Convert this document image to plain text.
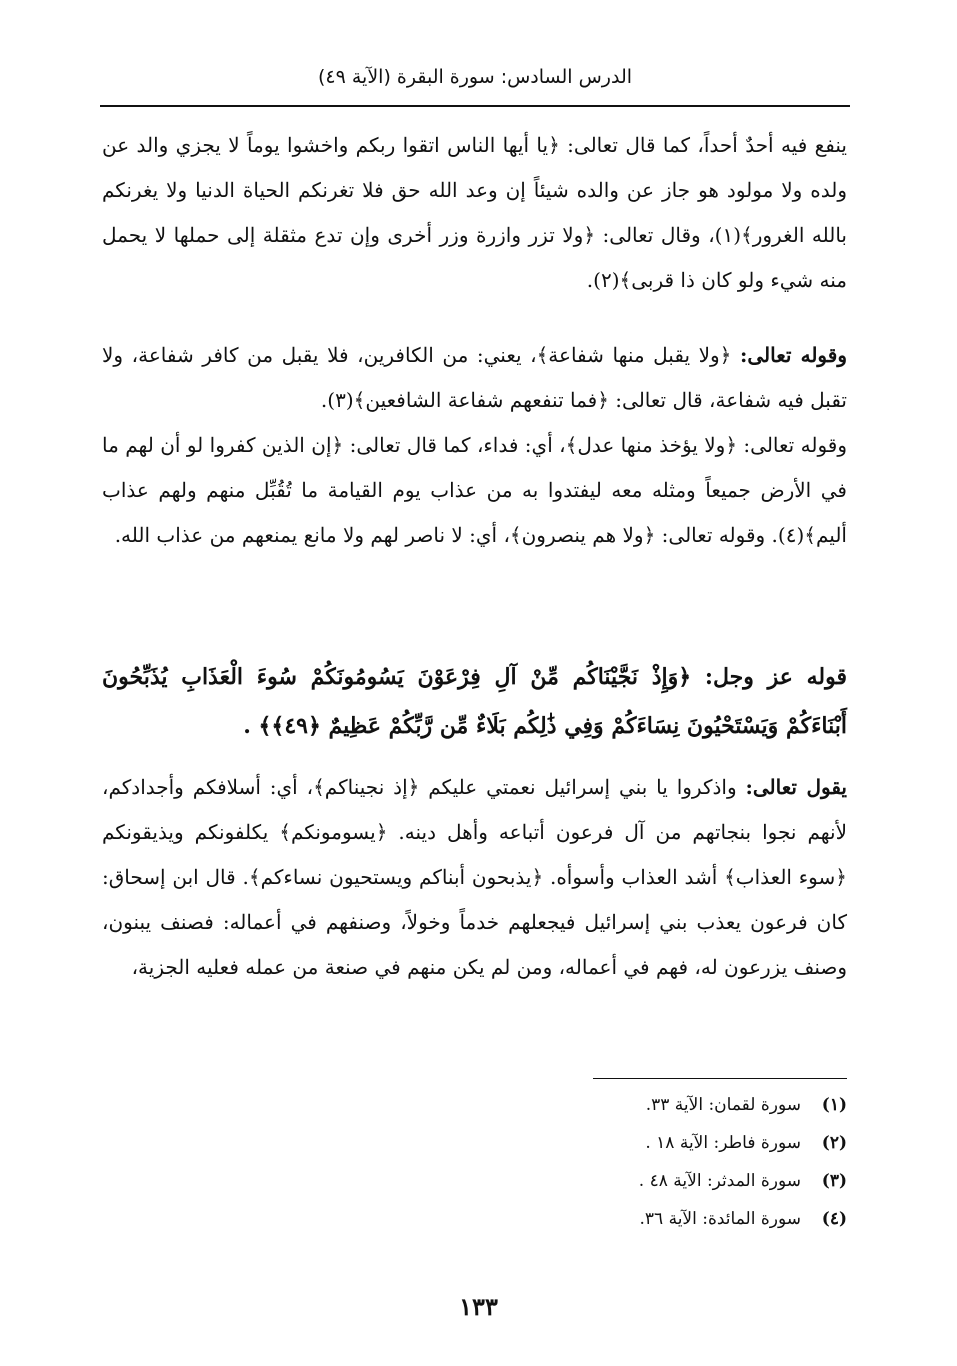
الدرس السادس: سورة البقرة (الآية ٤٩)

ينفع فيه أحدٌ أحداً، كما قال تعالى: ﴿يا أيها الناس اتقوا ربكم واخشوا يوماً لا يجزي والد عن ولده ولا مولود هو جاز عن والده شيئاً إن وعد الله حق فلا تغرنكم الحياة الدنيا ولا يغرنكم بالله الغرور﴾(١)، وقال تعالى: ﴿ولا تزر وازرة وزر أخرى وإن تدع مثقلة إلى حملها لا يحمل منه شيء ولو كان ذا قربى﴾(٢).

وقوله تعالى: ﴿ولا يقبل منها شفاعة﴾، يعني: من الكافرين، فلا يقبل من كافر شفاعة، ولا تقبل فيه شفاعة، قال تعالى: ﴿فما تنفعهم شفاعة الشافعين﴾(٣).

وقوله تعالى: ﴿ولا يؤخذ منها عدل﴾، أي: فداء، كما قال تعالى: ﴿إن الذين كفروا لو أن لهم ما في الأرض جميعاً ومثله معه ليفتدوا به من عذاب يوم القيامة ما تُقُبِّل منهم ولهم عذاب أليم﴾(٤). وقوله تعالى: ﴿ولا هم ينصرون﴾، أي: لا ناصر لهم ولا مانع يمنعهم من عذاب الله.

قوله عز وجل: ﴿وَإِذْ نَجَّيْنَاكُم مِّنْ آلِ فِرْعَوْنَ يَسُومُونَكُمْ سُوءَ الْعَذَابِ يُذَبِّحُونَ أَبْنَاءَكُمْ وَيَسْتَحْيُونَ نِسَاءَكُمْ وَفِي ذَٰلِكُم بَلَاءٌ مِّن رَّبِّكُمْ عَظِيمٌ ﴿٤٩﴾﴾ .

يقول تعالى: واذكروا يا بني إسرائيل نعمتي عليكم ﴿إذ نجيناكم﴾، أي: أسلافكم وأجدادكم، لأنهم نجوا بنجاتهم من آل فرعون أتباعه وأهل دينه. ﴿يسومونكم﴾ يكلفونكم ويذيقونكم ﴿سوء العذاب﴾ أشد العذاب وأسوأه. ﴿يذبحون أبناكم ويستحيون نساءكم﴾. قال ابن إسحاق: كان فرعون يعذب بني إسرائيل فيجعلهم خدماً وخولاً، وصنفهم في أعماله: فصنف يبنون، وصنف يزرعون له، فهم في أعماله، ومن لم يكن منهم في صنعة من عمله فعليه الجزية،

(١)سورة لقمان: الآية ٣٣.
(٢)سورة فاطر: الآية ١٨ .
(٣)سورة المدثر: الآية ٤٨ .
(٤)سورة المائدة: الآية ٣٦.
١٣٣
